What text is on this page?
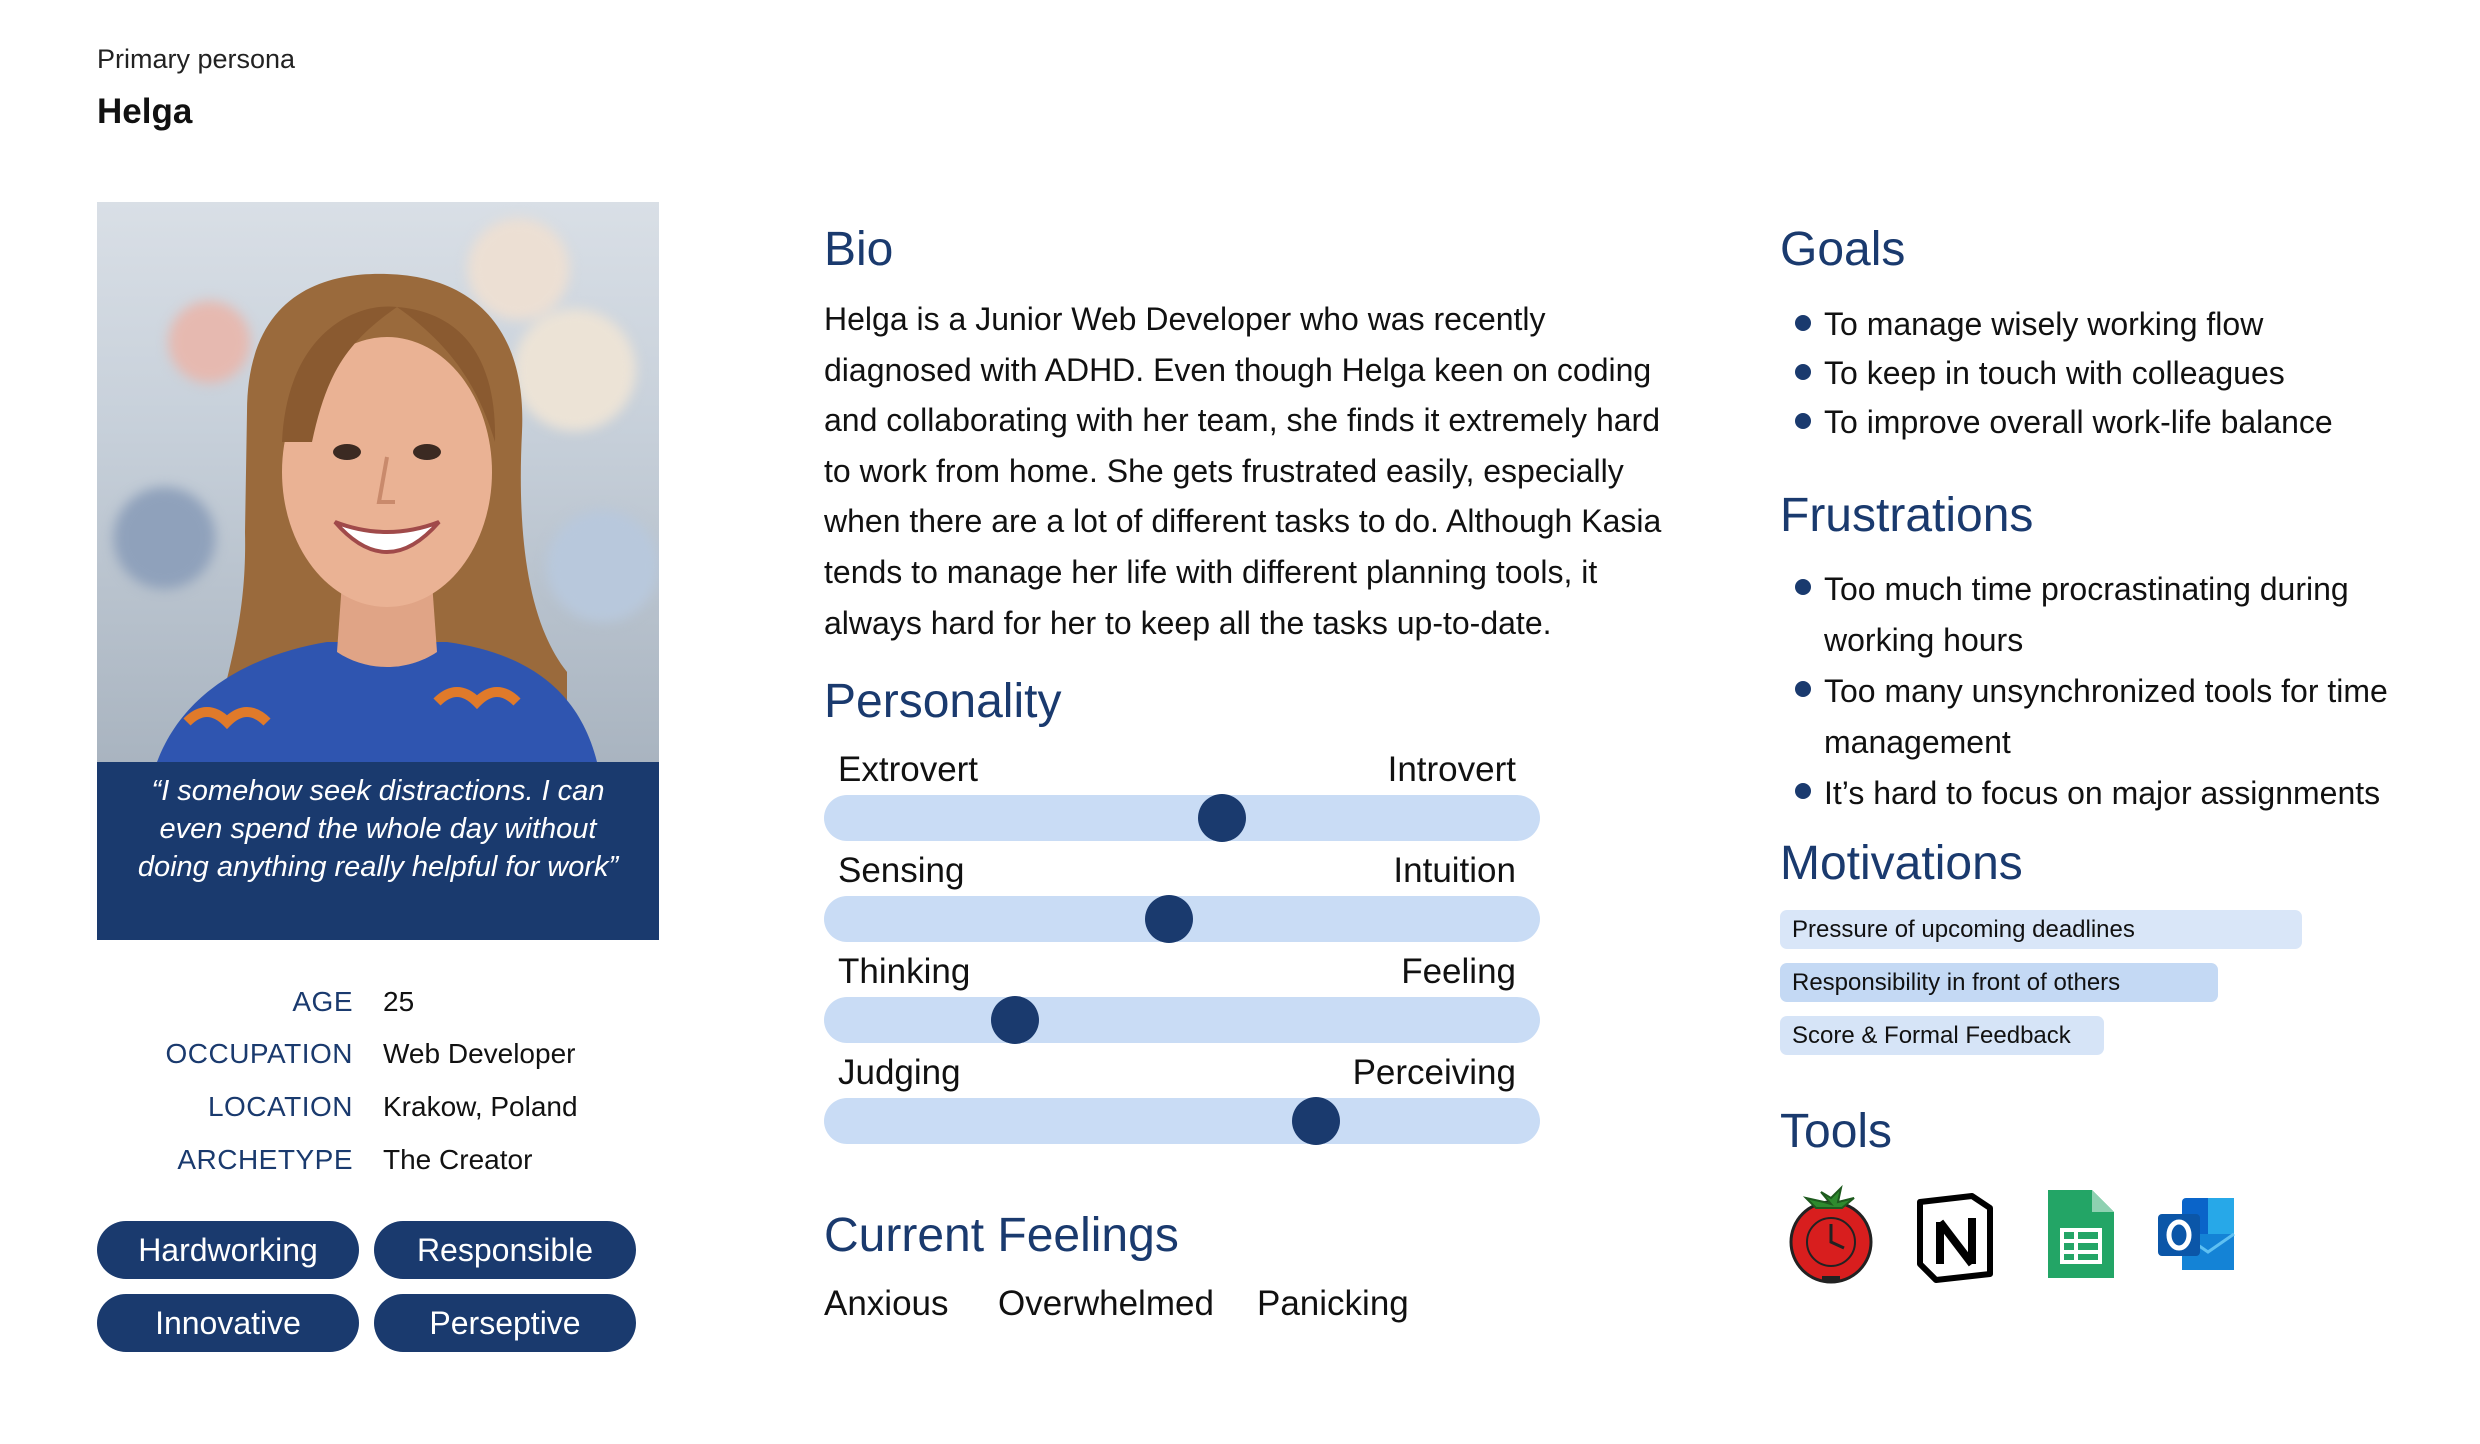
Primary persona
Helga
“I somehow seek distractions. I can even spend the whole day without doing anything really helpful for work”
AGE 25
OCCUPATION Web Developer
LOCATION Krakow, Poland
ARCHETYPE The Creator
Hardworking	Responsible
Innovative	Perseptive
Bio
Helga is a Junior Web Developer who was recently diagnosed with ADHD. Even though Helga keen on coding and collaborating with her team, she finds it extremely hard to work from home. She gets frustrated easily, especially when there are a lot of different tasks to do. Although Kasia tends to manage her life with different planning tools, it always hard for her to keep all the tasks up-to-date.
Personality
Extrovert	Introvert
Sensing	Intuition
Thinking	Feeling
Judging	Perceiving
Current Feelings
Anxious Overwhelmed Panicking
Goals
To manage wisely working flow
To keep in touch with colleagues
To improve overall work-life balance
Frustrations
Too much time procrastinating during working hours
Too many unsynchronized tools for time management
It’s hard to focus on major assignments
Motivations
Pressure of upcoming deadlines
Responsibility in front of others
Score & Formal Feedback
Tools
